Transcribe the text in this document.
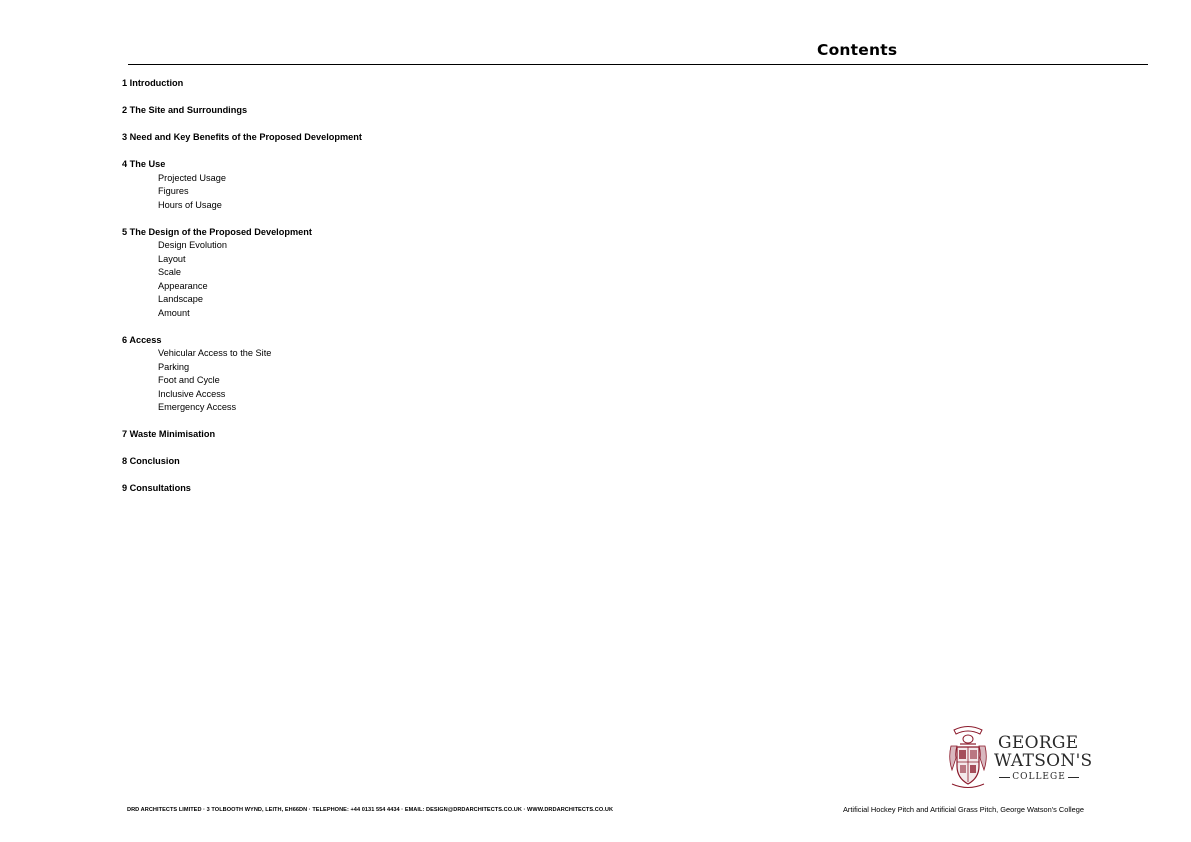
Contents
1 Introduction
2 The Site and Surroundings
3 Need and Key Benefits of the Proposed Development
4 The Use
Projected Usage
Figures
Hours of Usage
5 The Design of the Proposed Development
Design Evolution
Layout
Scale
Appearance
Landscape
Amount
6 Access
Vehicular Access to the Site
Parking
Foot and Cycle
Inclusive Access
Emergency Access
7 Waste Minimisation
8 Conclusion
9 Consultations
GEORGE
WATSON'S
COLLEGE
DRD ARCHITECTS LIMITED · 3 TOLBOOTH WYND, LEITH, EH66DN · TELEPHONE: +44 0131 554 4434 · EMAIL: DESIGN@DRDARCHITECTS.CO.UK · WWW.DRDARCHITECTS.CO.UK	Artificial Hockey Pitch and Artificial Grass Pitch, George Watson's College
